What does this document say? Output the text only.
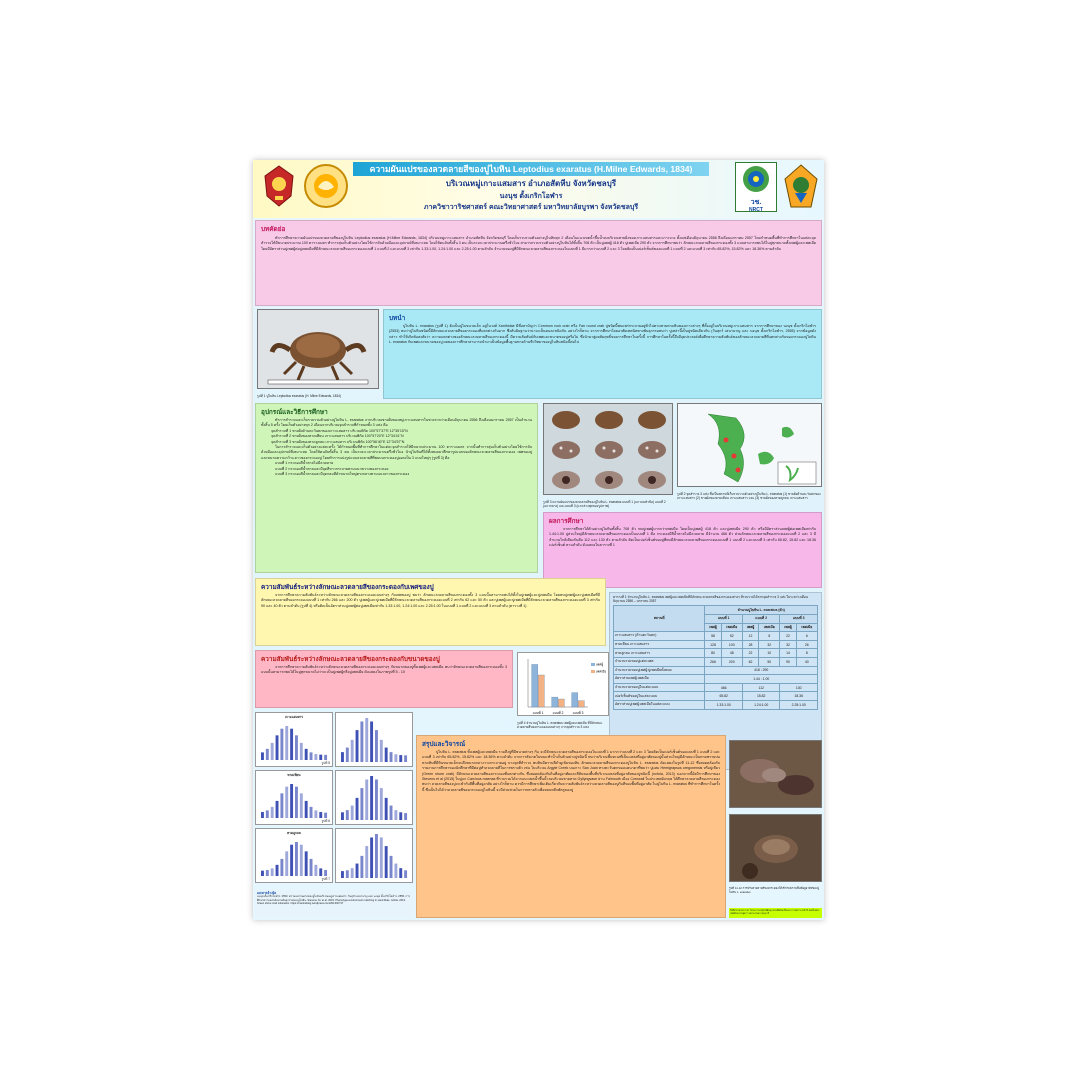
ความผันแปรของลวดลายสีของปูไบหิน Leptodius exaratus (H.Milne Edwards, 1834)
บริเวณหมู่เกาะแสมสาร อำเภอสัตหีบ จังหวัดชลบุรี
นงนุช ตั้งเกริกโอฬาร
ภาควิชาวาริชศาสตร์ คณะวิทยาศาสตร์ มหาวิทยาลัยบูรพา จังหวัดชลบุรี
วช.
NRCT
บทคัดย่อ
ทำการศึกษาความผันแปรของลวดลายสีของปูไบหิน Leptodius exaratus (H.Milne Edwards, 1834) บริเวณหมู่เกาะแสมสาร อำเภอสัตหีบ จังหวัดชลบุรี โดยเก็บรวบรวมตัวอย่างปูไบหินทุก 2 เดือนในแนวเขตน้ำขึ้นน้ำลงบริเวณชายฝั่งของเกาะแสมสารและเกาะจวง ตั้งแต่เดือนมิถุนายน 2556 ถึงเดือนมกราคม 2557 โดยกำหนดพื้นที่ทำการศึกษาในแต่ละจุดสำรวจให้มีขนาดประมาณ 100 ตารางเมตร ทำการสุ่มเก็บตัวอย่างโดยใช้การจับด้วยมือและอุปกรณ์ที่เหมาะสม โดยใช้คนจับทั้งสิ้น 3 คน เป็นระยะเวลาประมาณครึ่งชั่วโมง สามารถรวบรวมตัวอย่างปูไบหินได้ทั้งสิ้น 708 ตัว เป็นปูเพศผู้ 418 ตัว ปูเพศเมีย 290 ตัว จากการศึกษาพบว่า ลักษณะลวดลายสีของกระดองทั้ง 3 แบบสามารถพบได้ในปูทุกขนาดทั้งเพศผู้และเพศเมีย โดยมีอัตราส่วนปูเพศผู้ต่อปูเพศเมียที่มีลักษณะลวดลายสีของกระดองแบบที่ 1 แบบที่ 2 และแบบที่ 3 เท่ากับ 1.33:1.00, 1.24:1.00 และ 2.25:1.00 ตามลำดับ จำนวนของปูที่มีลักษณะลวดลายสีของกระดองในแบบที่ 1 มีมากกว่าแบบที่ 2 และ 3 โดยคิดเป็นเปอร์เซ็นต์ของแบบที่ 1 แบบที่ 2 และแบบที่ 3 เท่ากับ 65.82%, 15.82% และ 18.36% ตามลำดับ
รูปที่ 1 ปูไบหิน Leptodius exaratus (H. Milne Edwards, 1834)
บทนำ
ปูไบหิน L. exaratus (รูปที่ 1) จัดเป็นปูไบขนาดเล็ก อยู่ในวงศ์ Xanthidae มีชื่อสามัญว่า Common rock crab หรือ Fan round crab ปูชนิดนี้พบแพร่กระจายอยู่ทั่วไปตามชายหาดหินของเกาะต่างๆ ที่ตั้งอยู่ในบริเวณหมู่เกาะแสมสาร จากการศึกษาของ นงนุช ตั้งเกริกโอฬาร (2553) พบว่าปูไบหินชนิดนี้มีลักษณะลวดลายสีของกระดองที่แตกต่างกันมาก ซึ่งสันนิษฐานว่าน่าจะเป็นคนละชนิดกัน อย่างไรก็ตาม จากการศึกษาโดยอาศัยเทคนิคทางพันธุกรรมพบว่า ปูเหล่านี้เป็นปูชนิดเดียวกัน (วันสุกร์ เสนานาญ และ นงนุช ตั้งเกริกโอฬาร, 2555) จากข้อมูลดังกล่าว ทำให้เกิดข้อสงสัยว่า ความแตกต่างของลักษณะลวดลายสีของกระดองนี้ มีความสัมพันธ์กับเพศและขนาดของปูหรือไม่ ซึ่งนำมาสู่ผลสัมฤทธิ์ของการศึกษาในครั้งนี้ การศึกษาในครั้งนี้จึงมีจุดประสงค์เพื่อศึกษาความสัมพันธ์ของลักษณะลวดลายสีที่แตกต่างกันของกระดองปูไบหิน L. exaratus กับเพศและขนาดของปู ผลของการศึกษาสามารถนำมาเป็นข้อมูลพื้นฐานทางด้านชีววิทยาของปูไบหินชนิดนี้ต่อไป
อุปกรณ์และวิธีการศึกษา
ทำการสำรวจและเก็บรวบรวมตัวอย่างปูไบหิน L. exaratus จากบริเวณชายฝั่งของหมู่เกาะแสมสารในช่วงระหว่างเดือนมิถุนายน 2556 ถึงเดือนมกราคม 2557 เป็นจำนวนทั้งสิ้น 5 ครั้ง โดยเก็บตัวอย่างทุก 2 เดือนจากบริเวณจุดสำรวจที่กำหนดทั้ง 3 แห่ง คือ
จุดสำรวจที่ 1 ชายฝั่งด้านตะวันตกของเกาะแสมสาร บริเวณพิกัด 100°57'37"E 12°35'15"N
จุดสำรวจที่ 2 ชายฝั่งของหาดเทียน เกาะแสมสาร บริเวณพิกัด 100°57'20"E 12°34'41"N
จุดสำรวจที่ 3 ชายฝั่งของหาดลูกลม เกาะแสมสาร บริเวณพิกัด 100°56'40"E 12°34'57"N
ในการสำรวจและเก็บตัวอย่างแต่ละครั้ง ได้กำหนดพื้นที่ทำการศึกษาในแต่ละจุดสำรวจให้มีขนาดประมาณ 100 ตารางเมตร จากนั้นทำการสุ่มเก็บตัวอย่างโดยใช้การจับด้วยมือและอุปกรณ์ที่เหมาะสม โดยใช้คนจับทั้งสิ้น 3 คน เป็นระยะเวลาประมาณครึ่งชั่วโมง นำปูไบหินที่ได้ทั้งหมดมาศึกษารูปแบบของลักษณะลวดลายสีของกระดอง เพศของปู และขนาดความกว้าง-ยาวของกระดองปู โดยทำการแบ่งรูปแบบลวดลายสีที่พบบนกระดองปูออกเป็น 3 แบบใหญ่ๆ (รูปที่ 3) คือ
แบบที่ 1 กระดองสีน้ำตาลไม่มีลวดลาย
แบบที่ 2 กระดองสีน้ำตาลและมีจุดสีขาวกระจายตามแนวขวางของกระดอง
แบบที่ 3 กระดองสีน้ำตาลและมีจุดกลมสีดำขนาดใหญ่ตรงกลางตามแนวยาวของกระดอง
รูปที่ 3 ความผันแปรของลวดลายสีของปูไบหิน L. exaratus แบบที่ 1 (แถวบนหัวข้อ) แบบที่ 2 (แถวกลาง) และแบบที่ 3 (แถวล่างสุดของรูปภาพ)
รูปที่ 2 จุดสำรวจ 3 แห่ง ซึ่งเป็นสถานที่เก็บรวบรวมตัวอย่างปูไบหิน L. exaratus (1) ชายฝั่งด้านตะวันตกของเกาะแสมสาร (2) ชายฝั่งของหาดเทียน เกาะแสมสาร และ (3) ชายฝั่งของหาดลูกลม เกาะแสมสาร
ผลการศึกษา
จากการศึกษาได้ตัวอย่างปูไบหินทั้งสิ้น 708 ตัว พบปูเพศผู้มากกว่าเพศเมีย โดยเป็นปูเพศผู้ 418 ตัว และปูเพศเมีย 290 ตัว หรือมีอัตราส่วนเพศผู้ต่อเพศเมียเท่ากับ 1.44:1.00 ปูส่วนใหญ่มีลักษณะลวดลายสีของกระดองเป็นแบบที่ 1 คือ กระดองมีสีน้ำตาลไม่มีลวดลาย มีจำนวน 466 ตัว ส่วนลักษณะลวดลายสีของกระดองแบบที่ 2 และ 3 มีจำนวนใกล้เคียงกันคือ 112 และ 130 ตัว ตามลำดับ คิดเป็นเปอร์เซ็นต์ของปูที่พบมีลักษณะลวดลายสีของกระดองแบบที่ 1 แบบที่ 2 และแบบที่ 3 เท่ากับ 65.82, 15.82 และ 18.36 เปอร์เซ็นต์ ตามลำดับ ดังแสดงในตารางที่ 1
ความสัมพันธ์ระหว่างลักษณะลวดลายสีของกระดองกับเพศของปู
จากการศึกษาความสัมพันธ์ระหว่างลักษณะลวดลายสีของกระดองแบบต่างๆ กับเพศของปู พบว่า ลักษณะลวดลายสีของกระดองทั้ง 3 แบบนั้นสามารถพบได้ทั้งในปูเพศผู้และปูเพศเมีย โดยพบปูเพศผู้และปูเพศเมียที่มีลักษณะลวดลายสีของกระดองแบบที่ 1 เท่ากับ 266 และ 200 ตัว ปูเพศผู้และปูเพศเมียที่มีลักษณะลวดลายสีของกระดองแบบที่ 2 เท่ากับ 62 และ 50 ตัว และปูเพศผู้และปูเพศเมียที่มีลักษณะลวดลายสีของกระดองแบบที่ 3 เท่ากับ 90 และ 40 ตัว ตามลำดับ (รูปที่ 4) หรือคิดเป็นอัตราส่วนปูเพศผู้ต่อปูเพศเมียเท่ากับ 1.33:1.00, 1.24:1.00 และ 2.25:1.00 ในแบบที่ 1 แบบที่ 2 และแบบที่ 3 ตามลำดับ (ตารางที่ 1)
ตารางที่ 1 จำนวนปูไบหิน L. exaratus เพศผู้และเพศเมียที่มีลักษณะลวดลายสีของกระดองต่างๆ ที่รวบรวมได้จากจุดสำรวจ 3 แห่ง ในระหว่างเดือนมิถุนายน 2556 – มกราคม 2557
สถานที่	จำนวนปูไบหิน L. exaratus (ตัว)					
	แบบที่ 1		แบบที่ 2		แบบที่ 3	
	เพศผู้	เพศเมีย	เพศผู้	เพศเมีย	เพศผู้	เพศเมีย
เกาะแสมสาร (ด้านตะวันตก)	58	52	12	8	22	6
หาดเทียน เกาะแสมสาร	128	100	28	32	32	26
หาดลูกลม เกาะแสมสาร	80	48	22	10	14	8
จำนวนรวมของปูแต่ละเพศ	266	200	62	50	90	40
จำนวนรวมของปูเพศผู้:ปูเพศเมียทั้งหมด	418 : 290					
อัตราส่วนเพศผู้:เพศเมีย	1.44 : 1.00					
จำนวนรวมของปูในแต่ละแบบ	466		112		130	
เปอร์เซ็นต์ของปูในแต่ละแบบ	65.82		15.82		18.36	
อัตราส่วนปูเพศผู้:เพศเมียในแต่ละแบบ	1.33:1.00		1.24:1.00		2.25:1.00	
ความสัมพันธ์ระหว่างลักษณะลวดลายสีของกระดองกับขนาดของปู
จากการศึกษาความสัมพันธ์ระหว่างลักษณะลวดลายสีของกระดองแบบต่างๆ กับขนาดของปูทั้งเพศผู้และเพศเมีย พบว่าลักษณะลวดลายสีของกระดองทั้ง 3 แบบนั้นสามารถพบได้ในปูทุกขนาดไม่ว่าจะเป็นปูเพศผู้หรือปูเพศเมีย ดังแสดงในภาพรูปที่ 5 - 10
แบบที่ 1	แบบที่ 2	แบบที่ 3
เพศผู้
เพศเมีย
รูปที่ 4 จำนวนปูไบหิน L. exaratus เพศผู้และเพศเมีย ที่มีลักษณะลวดลายสีของกระดองแบบต่างๆ จากจุดสำรวจ 3 แห่ง
เกาะแสมสาร
รูปที่ 5
หาดเทียน
รูปที่ 6
หาดลูกลม
รูปที่ 7
เอกสารอ้างอิง
นงนุช ตั้งเกริกโอฬาร. 2553. ความหลากหลายของปูไบหินบริเวณหมู่เกาะแสมสาร. วันสุกร์ เสนานาญ และ นงนุช ตั้งเกริกโอฬาร. 2555. การศึกษาความแปรผันทางพันธุกรรมของปูไบหิน. Stevens, M. et al. 2015. Phenotype-environment matching in sand fleas. ncfola. 2013. Green shore crab coloration. https://marineblog.wordpress.com/2013/07/17
สรุปและวิจารณ์
ปูไบหิน L. exaratus ทั้งเพศผู้และเพศเมีย รวมถึงปูที่มีขนาดต่างๆ กัน จะมีลักษณะลวดลายสีของกระดองในแบบที่ 1 มากกว่าแบบที่ 2 และ 3 โดยคิดเป็นเปอร์เซ็นต์ของแบบที่ 1 แบบที่ 2 และแบบที่ 3 เท่ากับ 65.82%, 15.82% และ 18.36% ตามลำดับ จากการสังเกตในขณะทำน้ำเก็บตัวอย่างปูชนิดนี้ พบว่าบริเวณพื้นทะเลที่เป็นแหล่งที่อยู่อาศัยของปูนั้นส่วนใหญ่มีลักษณะเป็นหาดทรายปนหาดหินที่มีหินขนาดเล็กจนถึงขนาดกลางวางกระจายอยู่ บางจุดที่สำรวจ พบหินมีคราบสีดำดูเข้มของหิน ลักษณะลวดลายสีของกระดองปูไบหิน L. exaratus ดังแสดงในรูปที่ 11-12 ซึ่งสอดคล้องกับ รายงานการศึกษาของนักศึกษาที่มีต่อปูทำลวดลายสีในการพรางตัว เช่น ในบริเวณ Argyle Creek บนเกาะ San Juan ทางตะวันตกของแคนาดาที่พบว่า ปูแสม Hemigrapsus oregonensis หรือปูเขียว (Green shore crab) มีลักษณะลวดลายสีของกระดองที่แตกต่างกัน ซึ่งสอดคล้องกับถิ่นที่อยู่อาศัยและสีสันของพื้นที่บริเวณแหล่งที่อยู่อาศัยของปูชนิดนี้ (ncfola, 2013) นอกจากนี้ยังมีการศึกษาของ Stevens et al (2015) ในปูแก Carcinus maenas ที่รวบรวมได้จากแนวเขตน้ำขึ้นน้ำลงบริเวณชายหาด Gyllyngvase ย่าน Falmouth เมือง Cornwall ในประเทศอังกฤษ ได้ศึกษาลวดลายสีของกระดองพบว่า ลวดลายสีของปูจะเข้ากับสีพื้นที่อยู่อาศัย อย่างไรก็ตาม ควรมีการศึกษาเพิ่มเติมเกี่ยวกับความสัมพันธ์ระหว่างลวดลายสีของปูกับสีของพื้นที่อยู่อาศัย ในปูไบหิน L. exaratus ที่ทำการศึกษาในครั้งนี้ ซึ่งเป็นไปได้ว่าลวดลายสีของกระดองปูไบหินนี้ จะมีส่วนช่วยในการพรางตัวเพื่อหลบหลีกศัตรูของปู

รูปที่ 11-12 การปรับลวดลายสีของกระดองให้เข้ากับสภาพพื้นที่อยู่อาศัยของปูไบหิน L. exaratus
กิตติกรรมประกาศ: โครงการอนุรักษ์พันธุกรรมพืชอันเนื่องมาจากพระราชดำริ สมเด็จพระเทพรัตนราชสุดาฯ สยามบรมราชกุมารี
